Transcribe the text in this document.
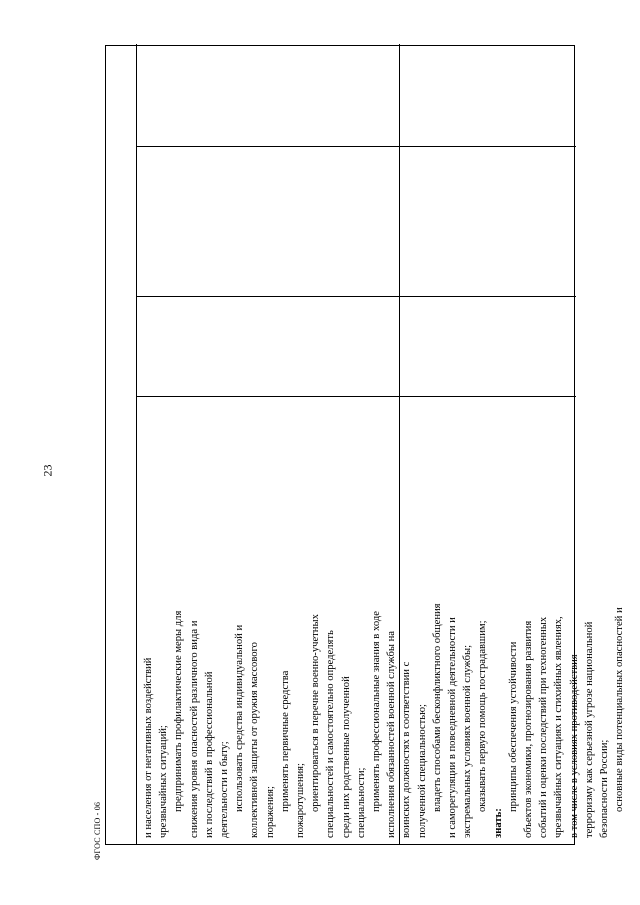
23
ФГОС СПО - 06	и населения от негативных воздействий чрезвычайных ситуаций; предпринимать профилактические меры для снижения уровня опасностей различного вида и их последствий в профессиональной деятельности и быту; использовать средства индивидуальной и коллективной защиты от оружия массового поражения; применять первичные средства пожаротушения; ориентироваться в перечне военно-учетных специальностей и самостоятельно определять среди них родственные полученной специальности; применять профессиональные знания в ходе исполнения обязанностей военной службы на воинских должностях в соответствии с полученной специальностью; владеть способами бесконфликтного общения и саморегуляции в повседневной деятельности и экстремальных условиях военной службы; оказывать первую помощь пострадавшим;

знать:

принципы обеспечения устойчивости объектов экономики, прогнозирования развития событий и оценки последствий при техногенных чрезвычайных ситуациях и стихийных явлениях, в том числе в условиях противодействия терроризму как серьезной угрозе национальной безопасности России; основные виды потенциальных опасностей и
